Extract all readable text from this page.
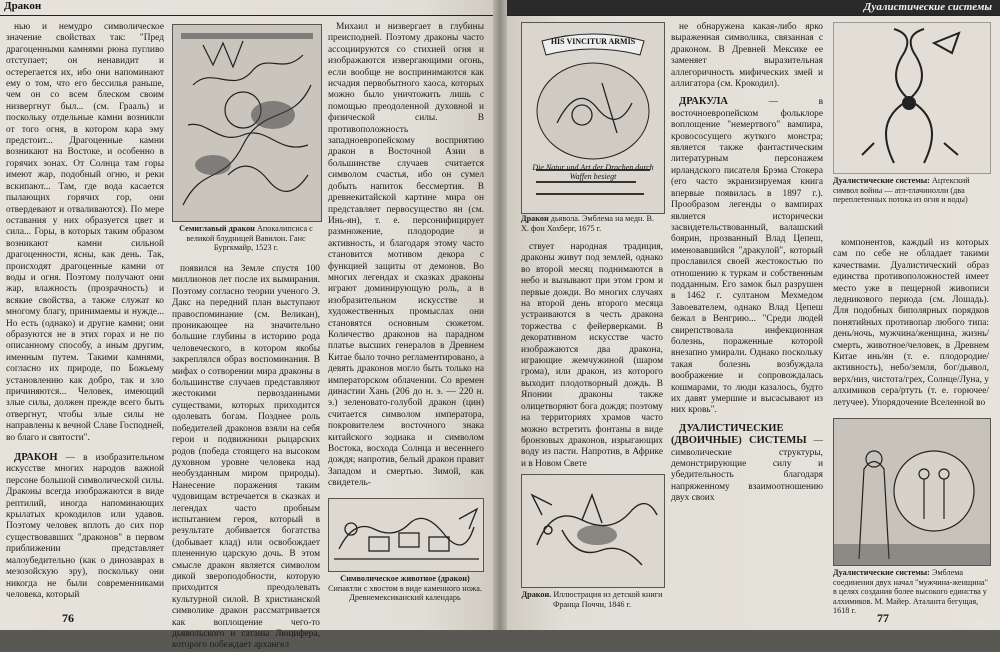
Дракон

нью и немудро символическое значение свойствах так: "Пред драгоценными камнями рюна пугливо отступает; он ненавидит и остерегается их, ибо они напоминают ему о том, что его бессилья раньше, чем он со всем блеском своим низвергнут был... (см. Грааль) и поскольку отдельные камни возникли от того огня, в котором кара эму предстоит... Драгоценные камни возникают на Востоке, и особенно в горячих зонах. От Солнца там горы имеют жар, подобный огню, и реки вскипают... Там, где вода касается пылающих горячих гор, они отвердевают и отваливаются). По мере оставания у них образуется цвет и сила... Горы, в которых таким образом возникают камни сильной драгоценности, ясны, как день. Так, происходят драгоценные камни от воды и огня. Поэтому получают они жар, влажность (прозрачность) и всякие свойства, а также служат ко многому благу, принимаемы и нужде... Но есть (однако) и другие камни; они образуются не в этих горах и не по описанному способу, а иным другим, именным путем. Такими камнями, согласно их природе, по Божьему установлению как добро, так и зло причиняются... Человек, имеющий злые силы, должен прежде всего быть отвергнут, чтобы злые силы не направлены к вечной Славе Господней, во благо и святости".

ДРАКОН — в изобразительном искусстве многих народов важной персоне большой символической силы. Драконы всегда изображаются в виде рептилий, иногда напоминающих крылатых крокодилов или удавов. Поэтому человек вплоть до сих пор существовавших "драконов" в первом приближении представляет малоубедительно (как о динозаврах в мезозойскую эру), поскольку они никогда не были современниками человека, который

Семиглавый дракон Апокалипсиса с великой блудницей Вавилон. Ганс Бургкмайр, 1523 г.

появился на Земле спустя 100 миллионов лет после их вымирания. Поэтому согласно теории ученого Э. Дакс на передний план выступают правоспоминание (см. Великан), проникающее на значительно большие глубины в историю рода человеческого, в котором якобы закреплялся образ воспоминания. В мифах о сотворении мира драконы в большинстве случаев представляют жестокими первозданными существами, которых приходится одолевать богам. Позднее роль победителей драконов взяли на себя герои и подвижники рыцарских родов (победа стоящего на высоком духовном уровне человека над необузданным миром природы). Нанесение поражения таким чудовищам встречается в сказках и легендах часто пробным испытанием героя, который в результате добивается богатства (добывает клад) или освобождает плененную царскую дочь. В этом смысле дракон является символом дикой звероподобности, которую приходится преодолевать культурной силой. В христианской символике дракон рассматривается как воплощение чего-то дьявольского и сатаны Люцифера, которого побеждает архангел

Михаил и низвергает в глубины преисподней. Поэтому драконы часто ассоциируются со стихией огня и изображаются извергающими огонь, если вообще не воспринимаются как исчадия первобытного хаоса, которых можно было уничтожить лишь с помощью преодоленной духовной и физической силы. В противоположность западноевропейскому восприятию дракон в Восточной Азии в большинстве случаев считается символом счастья, ибо он сумел добыть напиток бессмертия. В древнекитайской картине мира он представляет первосущество ян (см. Инь-ян), т. е. персонифицирует размножение, плодородие и активность, и благодаря этому часто становится мотивом декора с функцией защиты от демонов. Во многих легендах и сказках драконы играют доминирующую роль, а в изобразительном искусстве и художественных промыслах они становятся основным сюжетом. Количество драконов на парадном платье высших генералов в Древнем Китае было точно регламентировано, а девять драконов могло быть только на императорском облачении. Со времен династии Хань (206 до н. э. — 220 н. э.) зеленовато-голубой дракон (цин) считается символом императора, покровителем восточного знака китайского зодиака и символом Востока, восхода Солнца и весеннего дождя; напротив, белый дракон правит Западом и смертью. Зимой, как свидетель-

Символическое животное (дракон) Сипактли с хвостом в виде каменного ножа. Древнемексиканский календарь
76
Дуалистические системы
HIS VINCITUR ARMIS
Die Natur und Art der Drachen durch Waffen besiegt
Дракон дьявола. Эмблема на медн. В. Х. фон Хохберг, 1675 г.

ствует народная традиция, драконы живут под землей, однако во второй месяц поднимаются в небо и вызывают при этом гром и первые дожди. Во многих случаях на второй день второго месяца устраиваются в честь дракона торжества с фейерверками. В декоративном искусстве часто изображаются два дракона, играющие жемчужиной (шаром грома), или дракон, из которого выходит плодотворный дождь. В Японии драконы также олицетворяют бога дождя; поэтому на территориях храмов часто можно встретить фонтаны в виде бронзовых драконов, изрыгающих воду из пасти. Напротив, в Африке и в Новом Свете

Дракон. Иллюстрация из детской книги Франца Поччи, 1846 г.

не обнаружена какая-либо ярко выраженная символика, связанная с драконом. В Древней Мексике ее заменяет выразительная аллегоричность мифических змей и аллигатора (см. Крокодил).

ДРАКУЛА	— в восточноевропейском фольклоре воплощение "немертвого" вампира, кровососущего жуткого монстра; является также фантастическим литературным персонажем ирландского писателя Брэма Стокера (его часто экранизируемая книга впервые появилась в 1897 г.). Прообразом легенды о вампирах является исторически засвидетельствованный, валашский боярин, прозванный Влад Цепеш, именовавшийся "дракулой", который прославился своей жестокостью по отношению к туркам и собственным подданным. Его замок был разрушен в 1462 г. султаном Мехмедом Завоевателем, однако Влад Цепеш бежал в Венгрию... "Среди людей свирепствовала инфекционная болезнь, пораженные которой внезапно умирали. Однако поскольку такая болезнь возбуждала воображение и сопровождалась кошмарами, то люди казалось, будто их давят умершие и высасывают из них кровь".

ДУАЛИСТИЧЕСКИЕ (ДВОИЧНЫЕ) СИСТЕМЫ — символические структуры, демонстрирующие силу и убедительность благодаря напряженному взаимоотношению двух своих

Дуалистические системы: Ацтекский символ войны — атл-тлачинолли (два переплетенных потока из огня и воды)

компонентов, каждый из которых сам по себе не обладает такими качествами. Дуалистический образ единства противоположностей имеет место уже в пещерной живописи ледникового периода (см. Лошадь). Для подобных биполярных порядков понятийных противопар любого типа: день/ночь, мужчина/женщина, жизнь/смерть, животное/человек, в Древнем Китае инь/ян (т. е. плодородие/активность), небо/земля, бог/дьявол, верх/низ, чистота/грех, Солнце/Луна, у алхимиков сера/ртуть (т. е. горючее/летучее). Упорядочение Вселенной во

Дуалистические системы: Эмблема соединения двух начал "мужчина-женщина" в целях создания более высокого единства у алхимиков. М. Майер. Аталанта бегущая, 1618 г.
77	© ay.by
